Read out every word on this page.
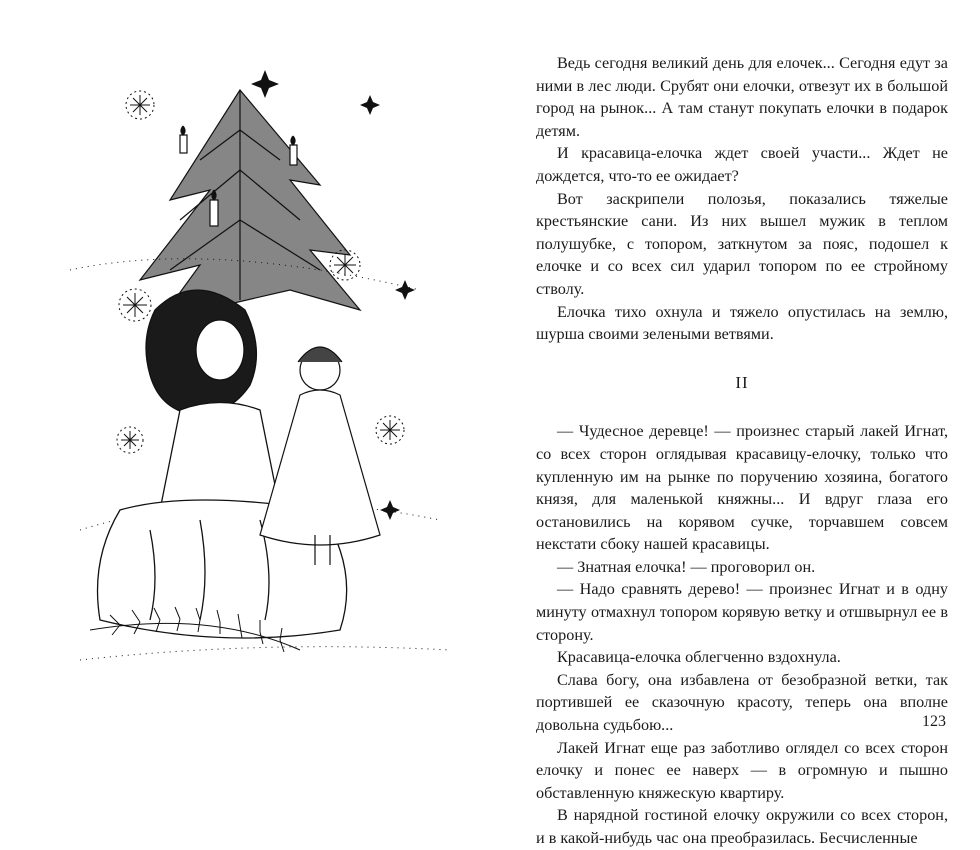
Ведь сегодня великий день для елочек... Сегодня едут за ними в лес люди. Срубят они елочки, отвезут их в большой город на рынок... А там станут покупать елочки в подарок детям.

И красавица-елочка ждет своей участи... Ждет не дождется, что-то ее ожидает?

Вот заскрипели полозья, показались тяжелые крестьянские сани. Из них вышел мужик в теплом полушубке, с топором, заткнутом за пояс, подошел к елочке и со всех сил ударил топором по ее стройному стволу.

Елочка тихо охнула и тяжело опустилась на землю, шурша своими зелеными ветвями.

II

— Чудесное деревце! — произнес старый лакей Игнат, со всех сторон оглядывая красавицу-елочку, только что купленную им на рынке по поручению хозяина, богатого князя, для маленькой княжны... И вдруг глаза его остановились на корявом сучке, торчавшем совсем некстати сбоку нашей красавицы.

— Знатная елочка! — проговорил он.

— Надо сравнять дерево! — произнес Игнат и в одну минуту отмахнул топором корявую ветку и отшвырнул ее в сторону.

Красавица-елочка облегченно вздохнула.

Слава богу, она избавлена от безобразной ветки, так портившей ее сказочную красоту, теперь она вполне довольна судьбою...

Лакей Игнат еще раз заботливо оглядел со всех сторон елочку и понес ее наверх — в огромную и пышно обставленную княжескую квартиру.

В нарядной гостиной елочку окружили со всех сторон, и в какой-нибудь час она преобразилась. Бесчисленные

123
